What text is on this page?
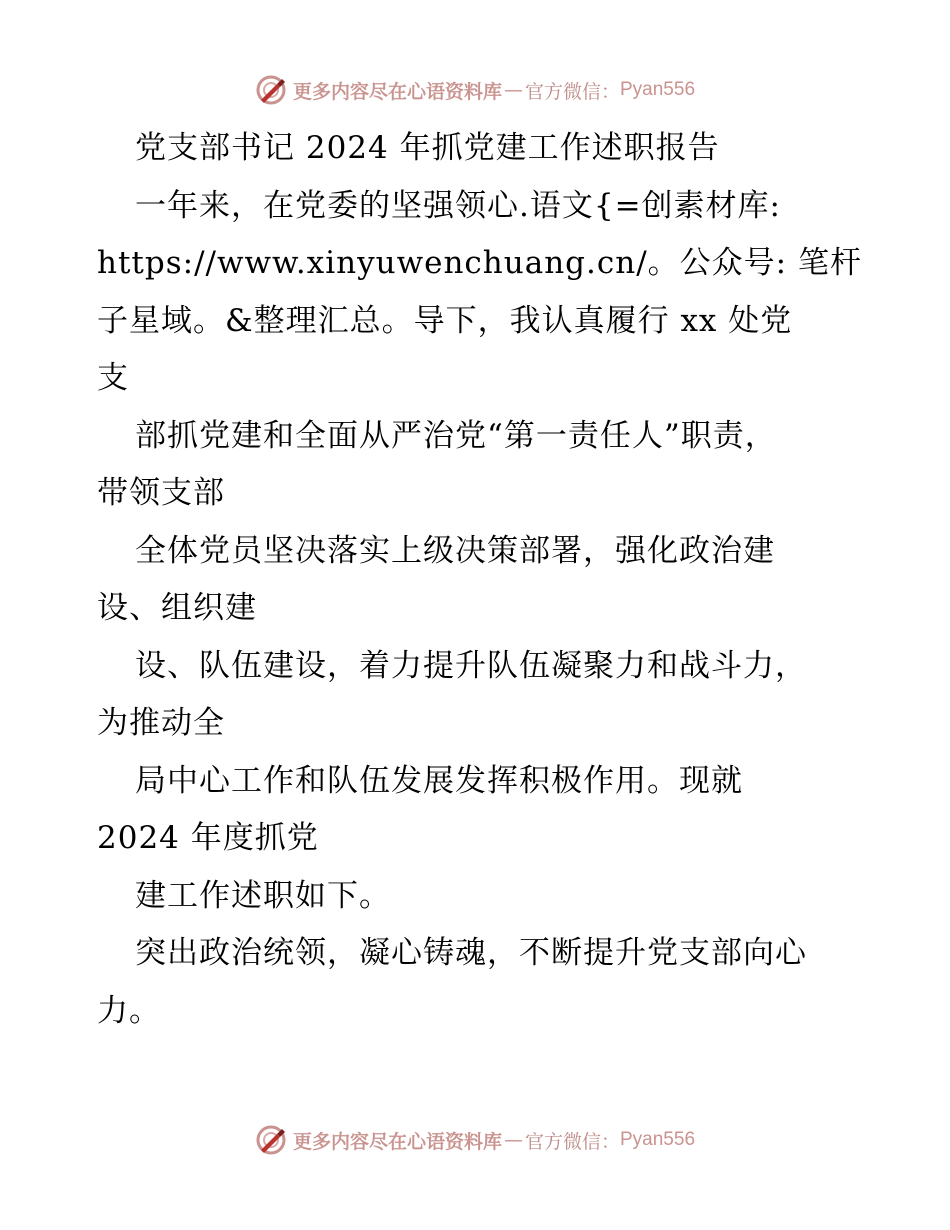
更多内容尽在心语资料库 — 官方微信： Pyan556
党支部书记 2024 年抓党建工作述职报告
一年来，在党委的坚强领心.语文{=创素材库:
https://www.xinyuwenchuang.cn/。公众号: 笔杆
子星域。&整理汇总。导下，我认真履行 xx 处党
支
部抓党建和全面从严治党“第一责任人”职责，
带领支部
全体党员坚决落实上级决策部署，强化政治建
设、组织建
设、队伍建设，着力提升队伍凝聚力和战斗力，
为推动全
局中心工作和队伍发展发挥积极作用。现就
2024 年度抓党
建工作述职如下。
突出政治统领，凝心铸魂，不断提升党支部向心
力。
更多内容尽在心语资料库 — 官方微信： Pyan556
